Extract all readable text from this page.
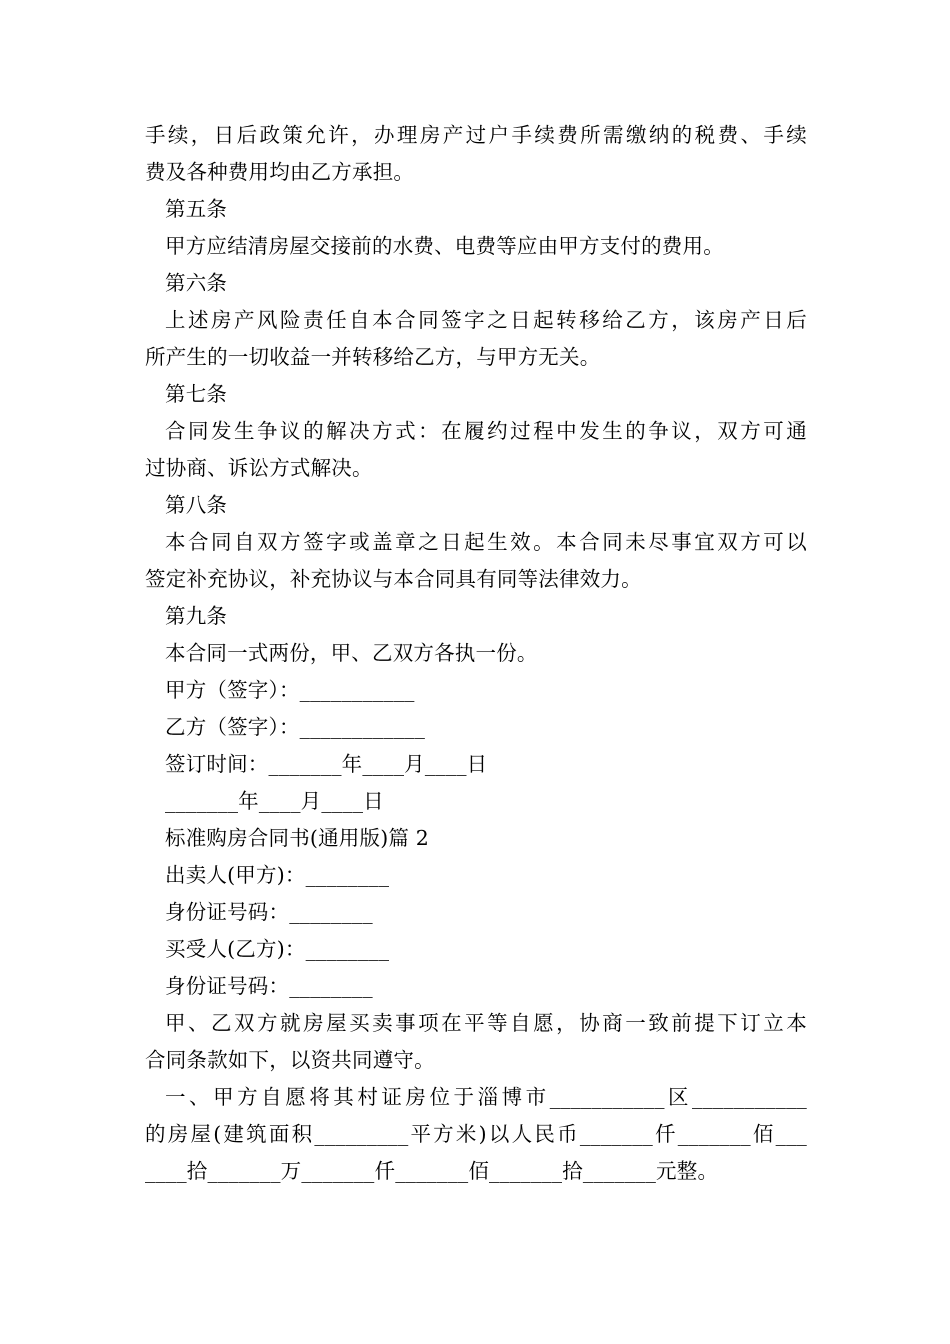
手续，日后政策允许，办理房产过户手续费所需缴纳的税费、手续

费及各种费用均由乙方承担。

第五条

甲方应结清房屋交接前的水费、电费等应由甲方支付的费用。

第六条

上述房产风险责任自本合同签字之日起转移给乙方，该房产日后

所产生的一切收益一并转移给乙方，与甲方无关。

第七条

合同发生争议的解决方式：在履约过程中发生的争议，双方可通

过协商、诉讼方式解决。

第八条

本合同自双方签字或盖章之日起生效。本合同未尽事宜双方可以

签定补充协议，补充协议与本合同具有同等法律效力。

第九条

本合同一式两份，甲、乙双方各执一份。

甲方（签字）：___________

乙方（签字）：____________

签订时间：_______年____月____日

_______年____月____日

标准购房合同书(通用版)篇 2

出卖人(甲方)：________

身份证号码：________

买受人(乙方)：________

身份证号码：________

甲、乙双方就房屋买卖事项在平等自愿，协商一致前提下订立本

合同条款如下，以资共同遵守。

一、甲方自愿将其村证房位于淄博市___________区___________

的房屋(建筑面积_________平方米)以人民币_______仟_______佰___

____拾_______万_______仟_______佰_______拾_______元整。
